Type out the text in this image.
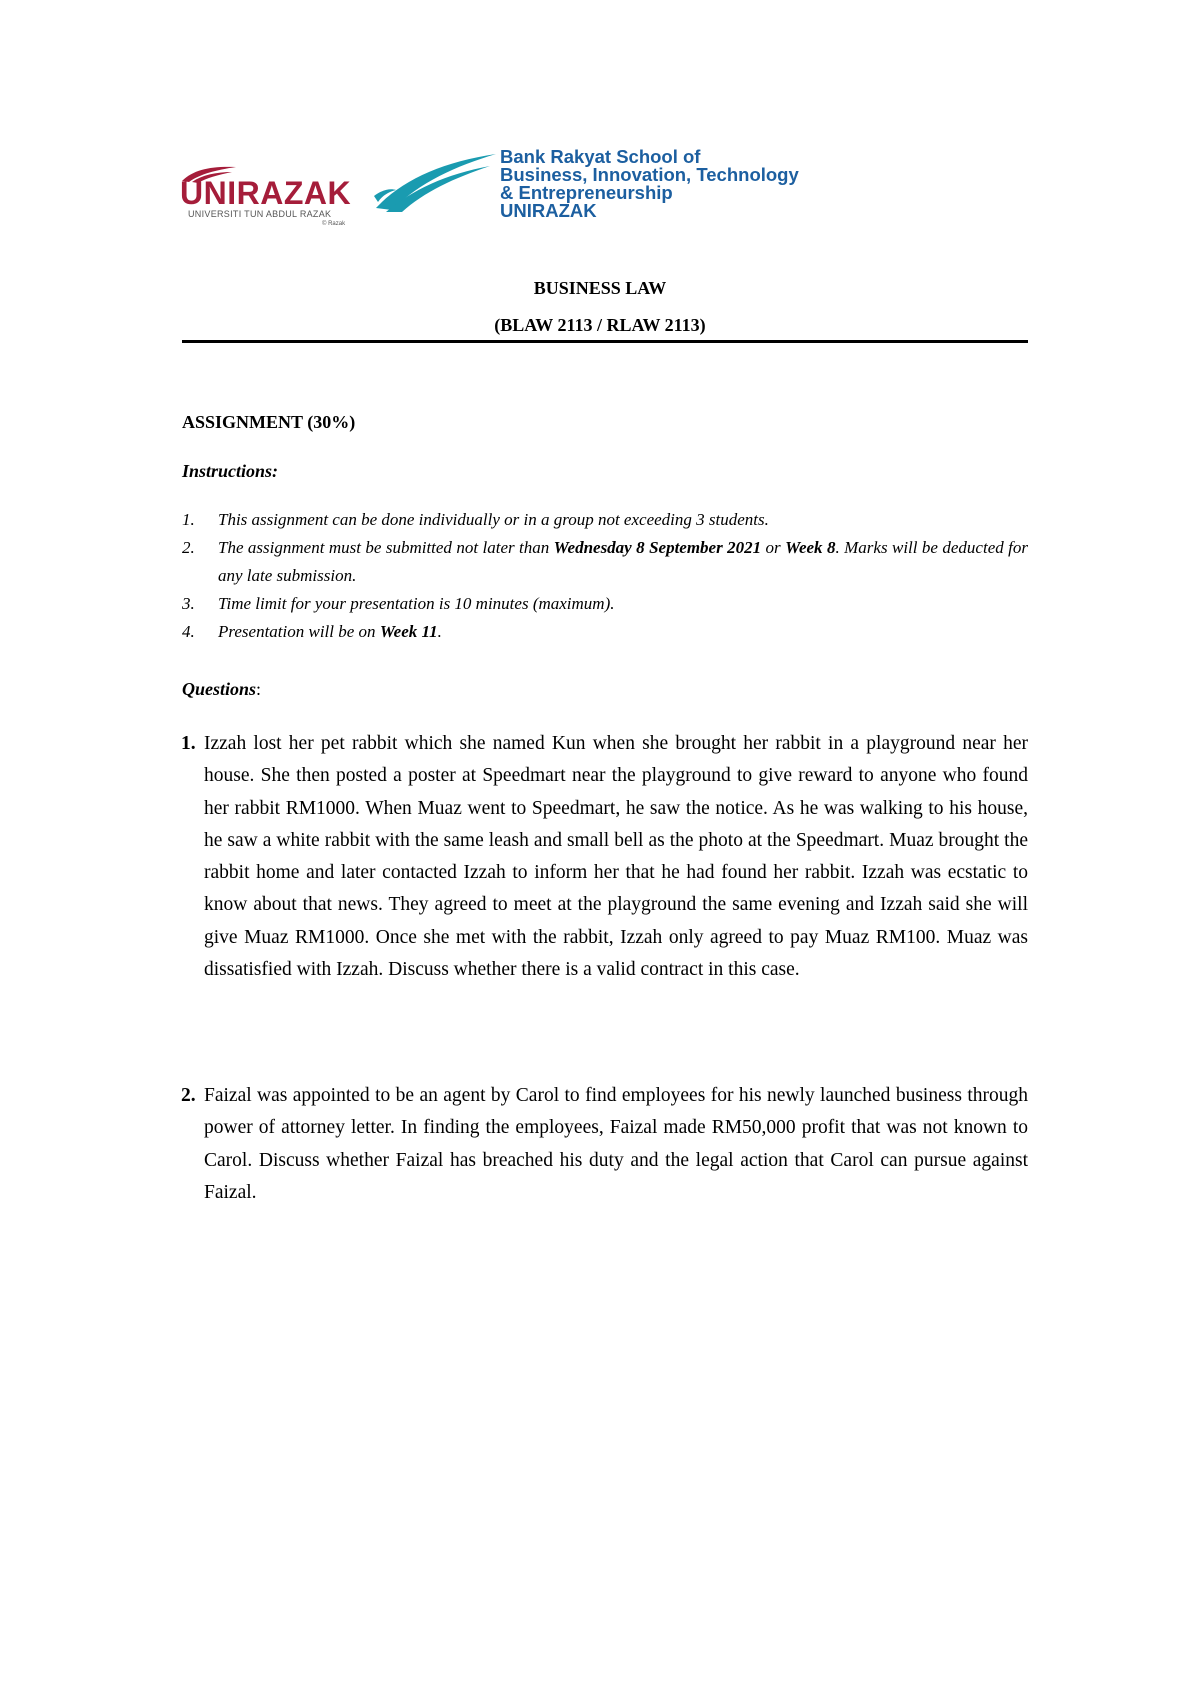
UNIRAZAK
UNIVERSITI TUN ABDUL RAZAK
© Razak
Bank Rakyat School of
Business, Innovation, Technology
& Entrepreneurship
UNIRAZAK
BUSINESS LAW
(BLAW 2113 / RLAW 2113)
ASSIGNMENT (30%)
Instructions:
1. This assignment can be done individually or in a group not exceeding 3 students.
2. The assignment must be submitted not later than Wednesday 8 September 2021 or Week 8. Marks will be deducted for any late submission.
3. Time limit for your presentation is 10 minutes (maximum).
4. Presentation will be on Week 11.
Questions:
1. Izzah lost her pet rabbit which she named Kun when she brought her rabbit in a playground near her house. She then posted a poster at Speedmart near the playground to give reward to anyone who found her rabbit RM1000. When Muaz went to Speedmart, he saw the notice. As he was walking to his house, he saw a white rabbit with the same leash and small bell as the photo at the Speedmart. Muaz brought the rabbit home and later contacted Izzah to inform her that he had found her rabbit. Izzah was ecstatic to know about that news. They agreed to meet at the playground the same evening and Izzah said she will give Muaz RM1000. Once she met with the rabbit, Izzah only agreed to pay Muaz RM100. Muaz was dissatisfied with Izzah. Discuss whether there is a valid contract in this case.
2. Faizal was appointed to be an agent by Carol to find employees for his newly launched business through power of attorney letter. In finding the employees, Faizal made RM50,000 profit that was not known to Carol. Discuss whether Faizal has breached his duty and the legal action that Carol can pursue against Faizal.
